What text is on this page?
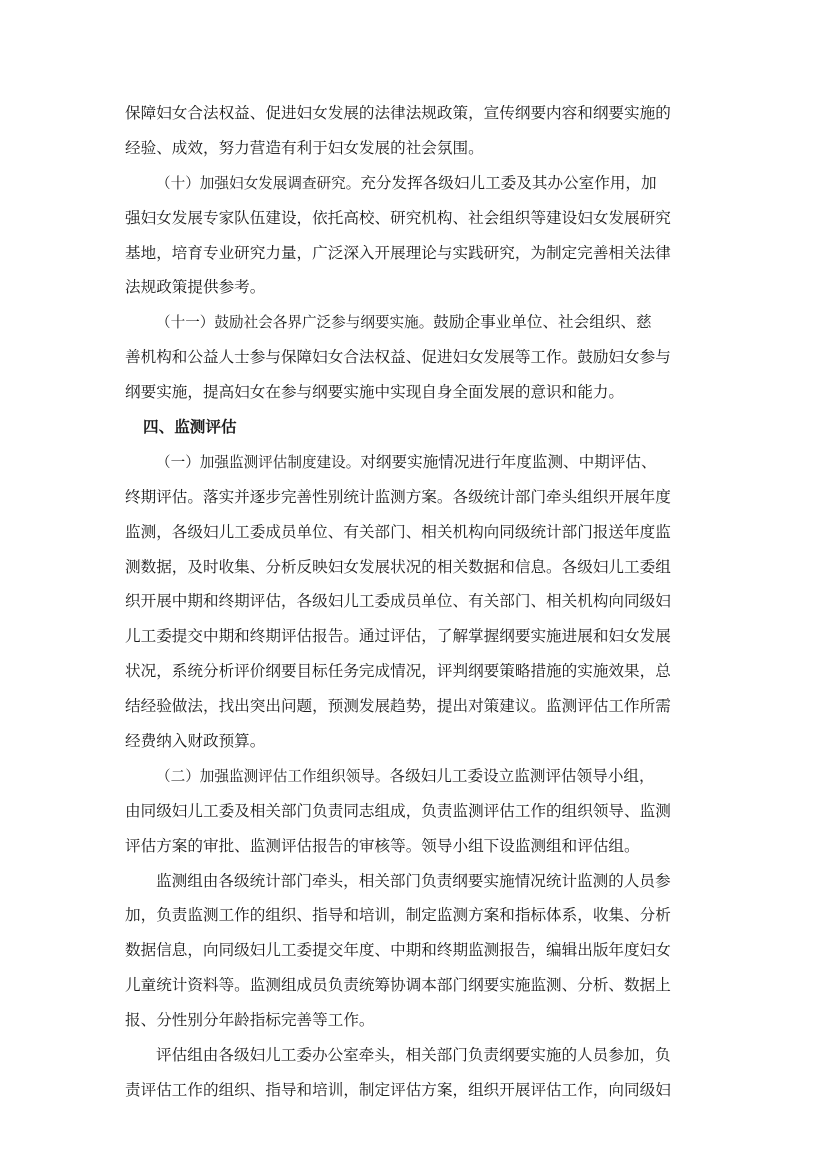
保障妇女合法权益、促进妇女发展的法律法规政策，宣传纲要内容和纲要实施的
经验、成效，努力营造有利于妇女发展的社会氛围。
（十）加强妇女发展调查研究。充分发挥各级妇儿工委及其办公室作用，加
强妇女发展专家队伍建设，依托高校、研究机构、社会组织等建设妇女发展研究
基地，培育专业研究力量，广泛深入开展理论与实践研究，为制定完善相关法律
法规政策提供参考。
（十一）鼓励社会各界广泛参与纲要实施。鼓励企事业单位、社会组织、慈
善机构和公益人士参与保障妇女合法权益、促进妇女发展等工作。鼓励妇女参与
纲要实施，提高妇女在参与纲要实施中实现自身全面发展的意识和能力。
四、监测评估
（一）加强监测评估制度建设。对纲要实施情况进行年度监测、中期评估、
终期评估。落实并逐步完善性别统计监测方案。各级统计部门牵头组织开展年度
监测，各级妇儿工委成员单位、有关部门、相关机构向同级统计部门报送年度监
测数据，及时收集、分析反映妇女发展状况的相关数据和信息。各级妇儿工委组
织开展中期和终期评估，各级妇儿工委成员单位、有关部门、相关机构向同级妇
儿工委提交中期和终期评估报告。通过评估，了解掌握纲要实施进展和妇女发展
状况，系统分析评价纲要目标任务完成情况，评判纲要策略措施的实施效果，总
结经验做法，找出突出问题，预测发展趋势，提出对策建议。监测评估工作所需
经费纳入财政预算。
（二）加强监测评估工作组织领导。各级妇儿工委设立监测评估领导小组，
由同级妇儿工委及相关部门负责同志组成，负责监测评估工作的组织领导、监测
评估方案的审批、监测评估报告的审核等。领导小组下设监测组和评估组。
监测组由各级统计部门牵头，相关部门负责纲要实施情况统计监测的人员参
加，负责监测工作的组织、指导和培训，制定监测方案和指标体系，收集、分析
数据信息，向同级妇儿工委提交年度、中期和终期监测报告，编辑出版年度妇女
儿童统计资料等。监测组成员负责统筹协调本部门纲要实施监测、分析、数据上
报、分性别分年龄指标完善等工作。
评估组由各级妇儿工委办公室牵头，相关部门负责纲要实施的人员参加，负
责评估工作的组织、指导和培训，制定评估方案，组织开展评估工作，向同级妇
